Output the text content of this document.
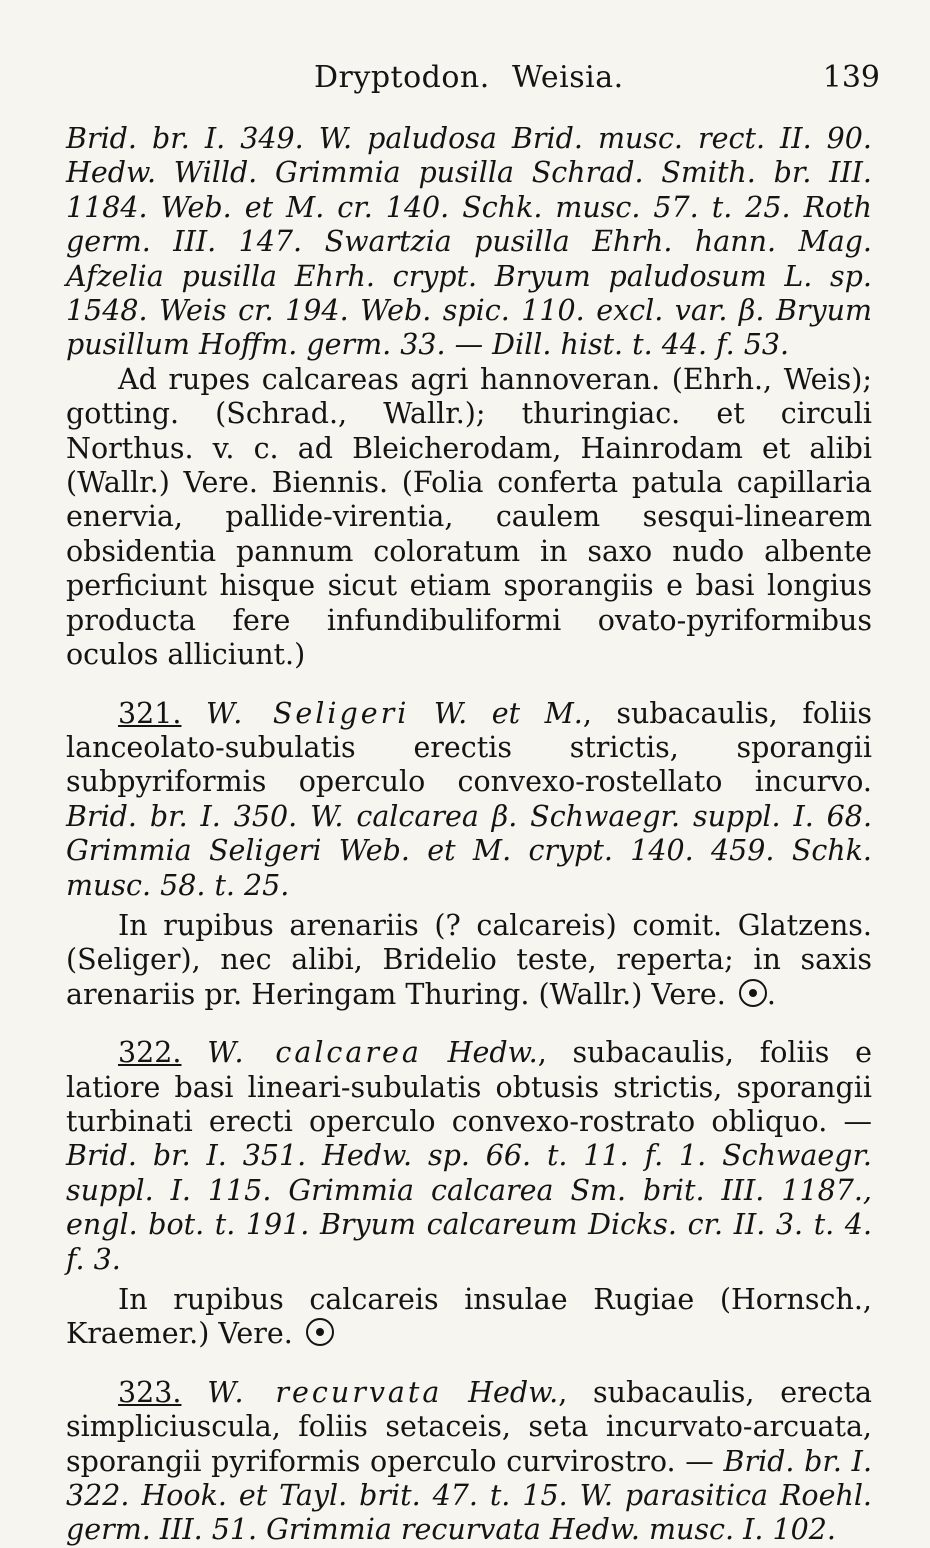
Dryptodon. Weisia.	139

Brid. br. I. 349. W. paludosa Brid. musc. rect. II. 90. Hedw. Willd. Grimmia pusilla Schrad. Smith. br. III. 1184. Web. et M. cr. 140. Schk. musc. 57. t. 25. Roth germ. III. 147. Swartzia pusilla Ehrh. hann. Mag. Afzelia pusilla Ehrh. crypt. Bryum paludosum L. sp. 1548. Weis cr. 194. Web. spic. 110. excl. var. β. Bryum pusillum Hoffm. germ. 33. — Dill. hist. t. 44. f. 53.

Ad rupes calcareas agri hannoveran. (Ehrh., Weis); gotting. (Schrad., Wallr.); thuringiac. et circuli Northus. v. c. ad Bleicherodam, Hainrodam et alibi (Wallr.) Vere. Biennis. (Folia conferta patula capillaria enervia, pallide-virentia, caulem sesqui-linearem obsidentia pannum coloratum in saxo nudo albente perficiunt hisque sicut etiam sporangiis e basi longius producta fere infundibuliformi ovato-pyriformibus oculos alliciunt.)

321. W. Seligeri W. et M., subacaulis, foliis lanceolato-subulatis erectis strictis, sporangii subpyriformis operculo convexo-rostellato incurvo. Brid. br. I. 350. W. calcarea β. Schwaegr. suppl. I. 68. Grimmia Seligeri Web. et M. crypt. 140. 459. Schk. musc. 58. t. 25.

In rupibus arenariis (? calcareis) comit. Glatzens. (Seliger), nec alibi, Bridelio teste, reperta; in saxis arenariis pr. Heringam Thuring. (Wallr.) Vere. .

322. W. calcarea Hedw., subacaulis, foliis e latiore basi lineari-subulatis obtusis strictis, sporangii turbinati erecti operculo convexo-rostrato obliquo. — Brid. br. I. 351. Hedw. sp. 66. t. 11. f. 1. Schwaegr. suppl. I. 115. Grimmia calcarea Sm. brit. III. 1187., engl. bot. t. 191. Bryum calcareum Dicks. cr. II. 3. t. 4. f. 3.

In rupibus calcareis insulae Rugiae (Hornsch., Kraemer.) Vere.

323. W. recurvata Hedw., subacaulis, erecta simpliciuscula, foliis setaceis, seta incurvato-arcuata, sporangii pyriformis operculo curvirostro. — Brid. br. I. 322. Hook. et Tayl. brit. 47. t. 15. W. parasitica Roehl. germ. III. 51. Grimmia recurvata Hedw. musc. I. 102.
